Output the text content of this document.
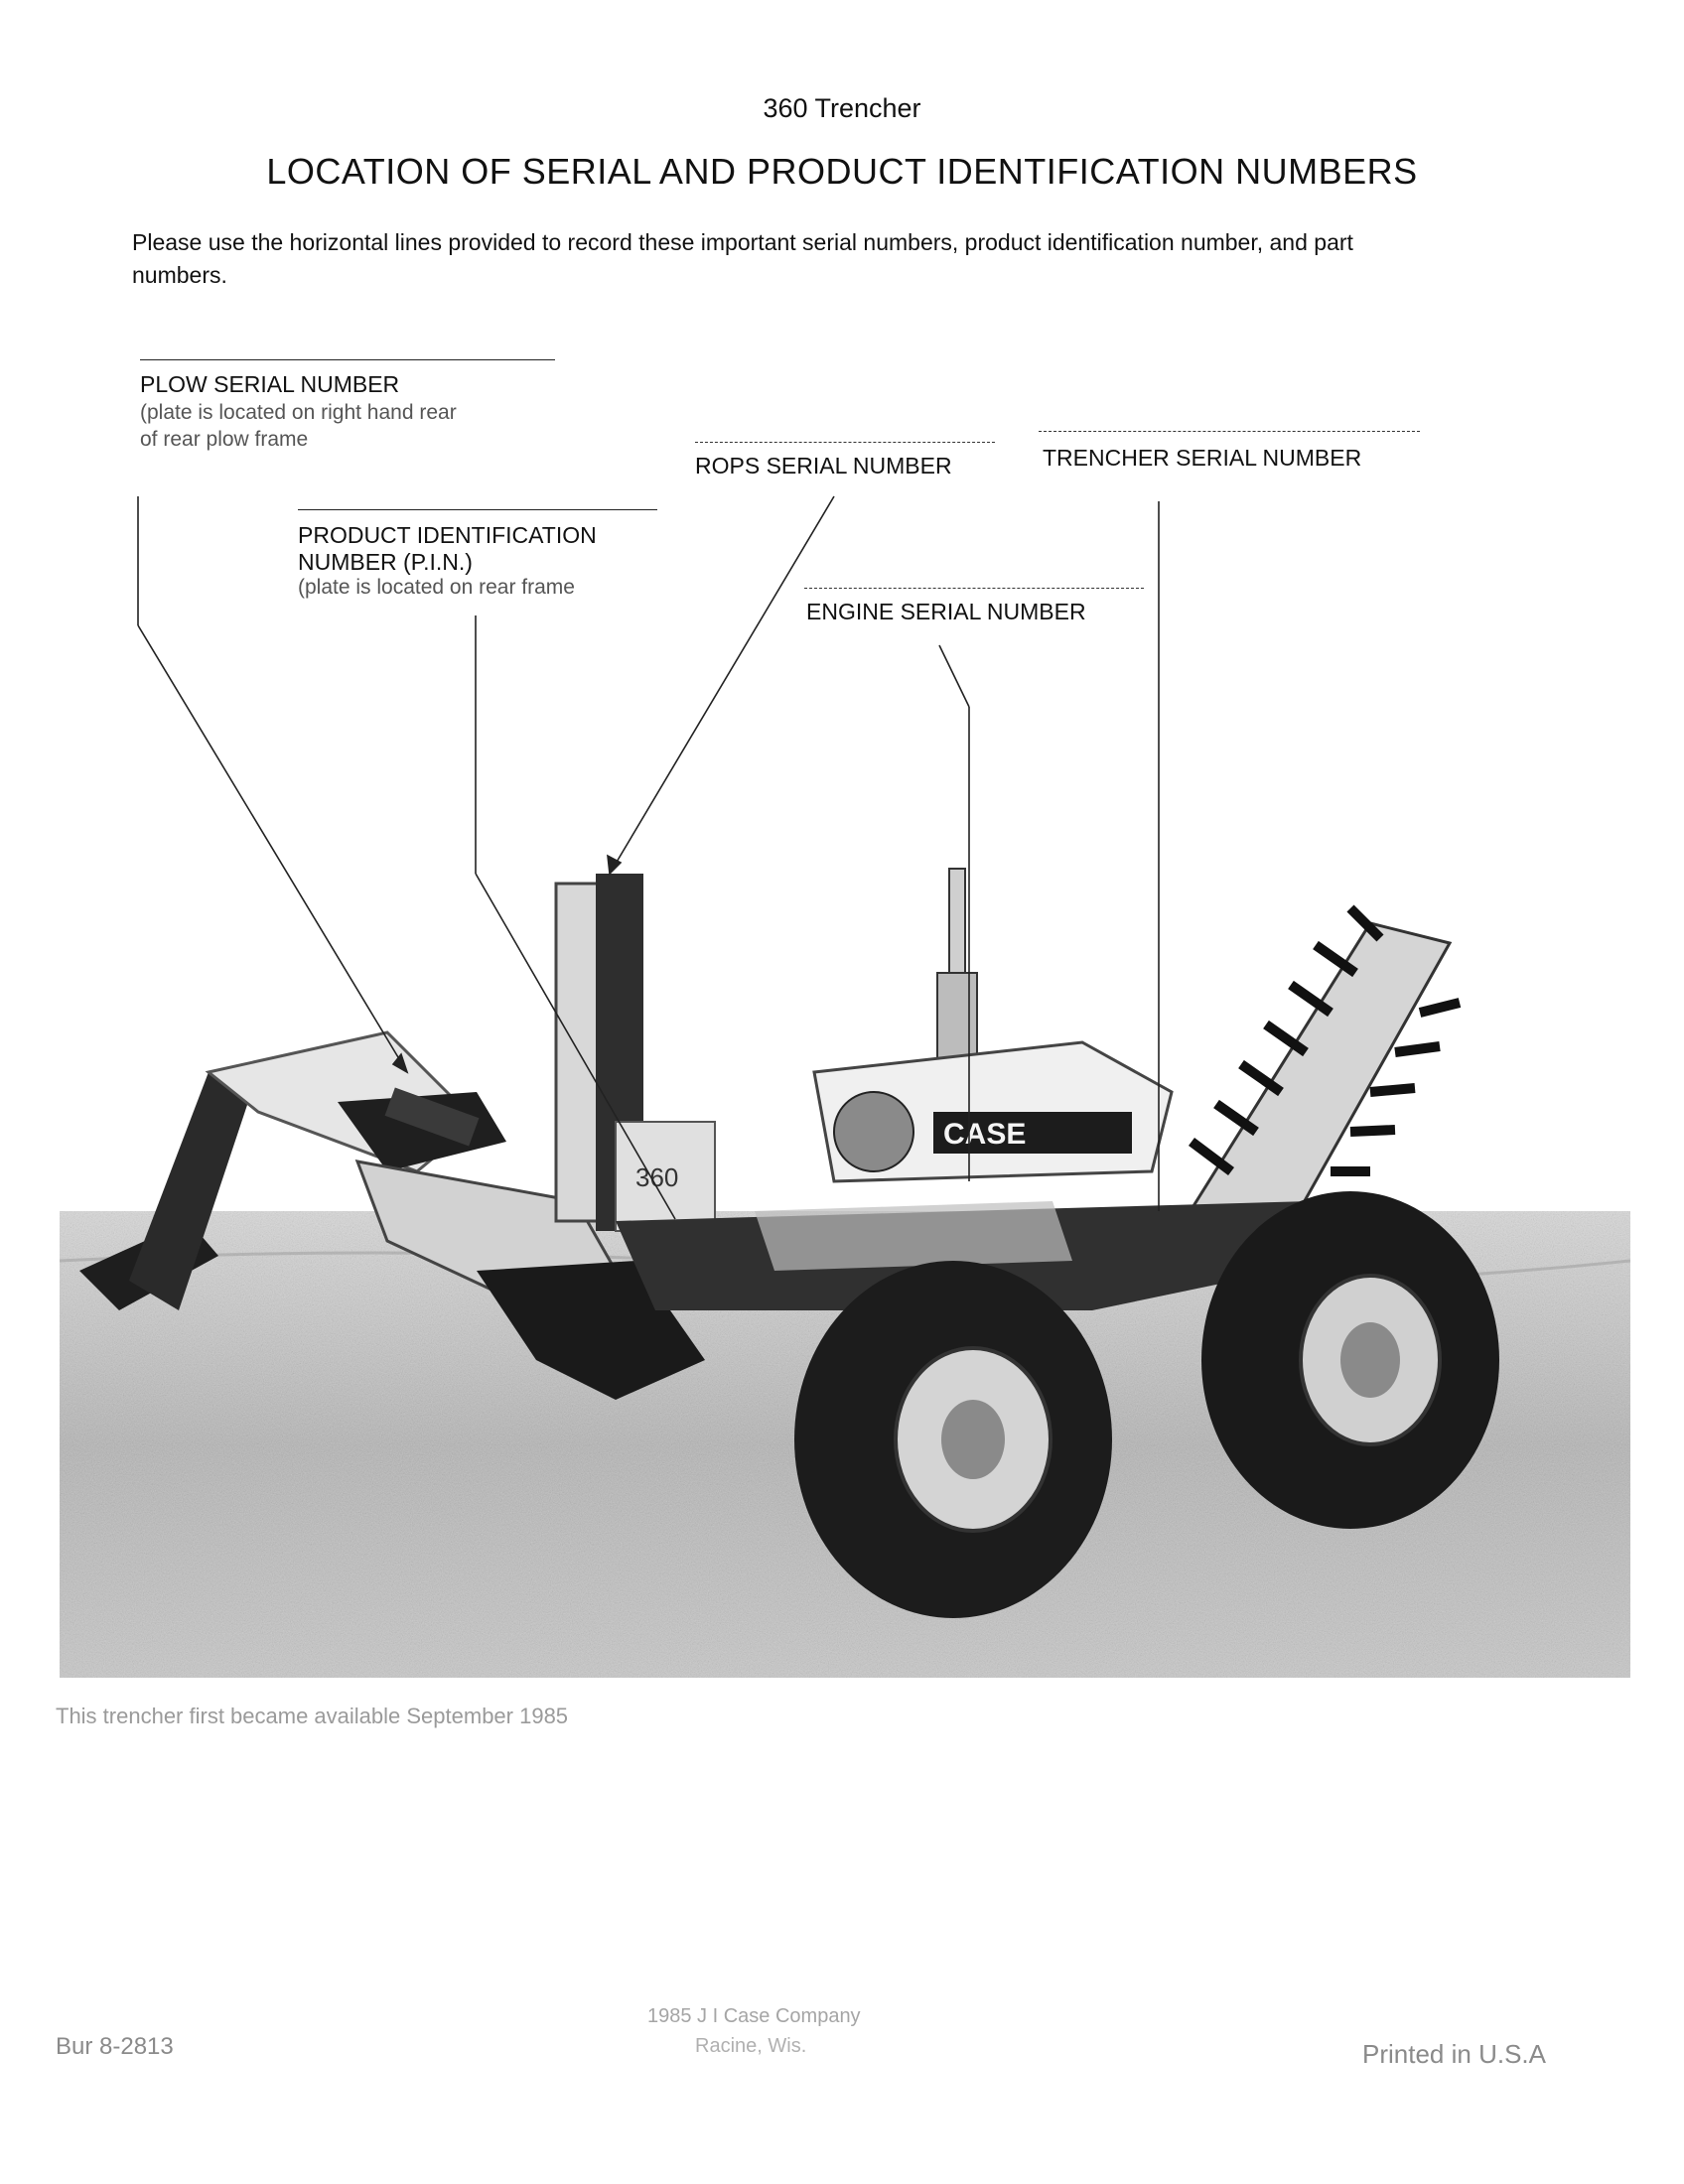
360 Trencher
LOCATION OF SERIAL AND PRODUCT IDENTIFICATION NUMBERS
Please use the horizontal lines provided to record these important serial numbers, product identification number, and part numbers.
PLOW SERIAL NUMBER
(plate is located on right hand rear
of rear plow frame
ROPS SERIAL NUMBER	TRENCHER SERIAL NUMBER
PRODUCT IDENTIFICATION
NUMBER (P.I.N.)
(plate is located on rear frame
ENGINE SERIAL NUMBER
360
CASE
This trencher first became available September 1985
Bur 8-2813
1985 J I Case Company
Racine, Wis.	Printed in U.S.A
